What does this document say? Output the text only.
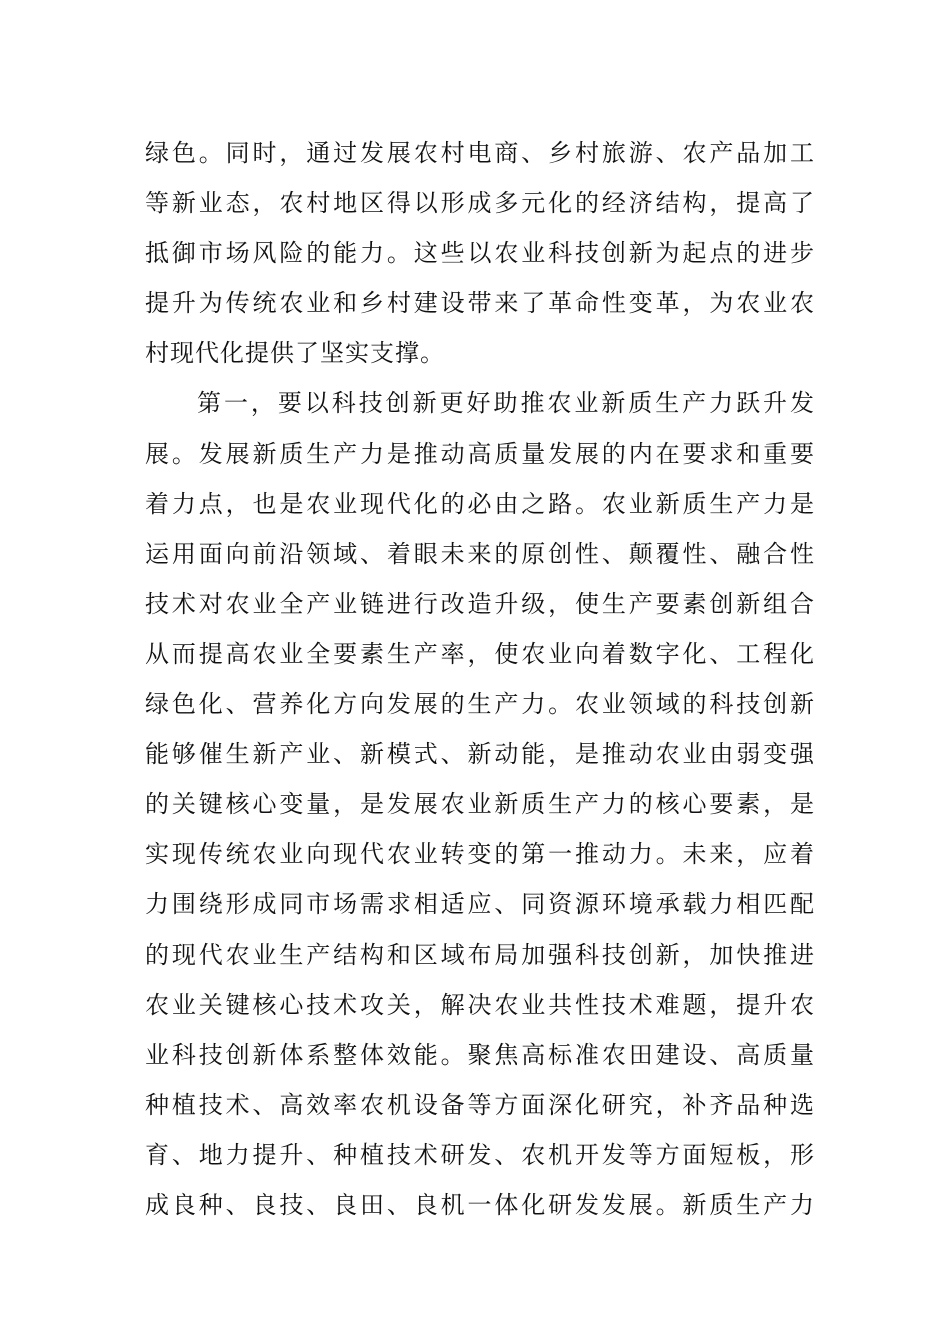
绿色。同时，通过发展农村电商、乡村旅游、农产品加工
等新业态，农村地区得以形成多元化的经济结构，提高了
抵御市场风险的能力。这些以农业科技创新为起点的进步
提升为传统农业和乡村建设带来了革命性变革，为农业农
村现代化提供了坚实支撑。
第一，要以科技创新更好助推农业新质生产力跃升发
展。发展新质生产力是推动高质量发展的内在要求和重要
着力点，也是农业现代化的必由之路。农业新质生产力是
运用面向前沿领域、着眼未来的原创性、颠覆性、融合性
技术对农业全产业链进行改造升级，使生产要素创新组合
从而提高农业全要素生产率，使农业向着数字化、工程化
绿色化、营养化方向发展的生产力。农业领域的科技创新
能够催生新产业、新模式、新动能，是推动农业由弱变强
的关键核心变量，是发展农业新质生产力的核心要素，是
实现传统农业向现代农业转变的第一推动力。未来，应着
力围绕形成同市场需求相适应、同资源环境承载力相匹配
的现代农业生产结构和区域布局加强科技创新，加快推进
农业关键核心技术攻关，解决农业共性技术难题，提升农
业科技创新体系整体效能。聚焦高标准农田建设、高质量
种植技术、高效率农机设备等方面深化研究，补齐品种选
育、地力提升、种植技术研发、农机开发等方面短板，形
成良种、良技、良田、良机一体化研发发展。新质生产力
